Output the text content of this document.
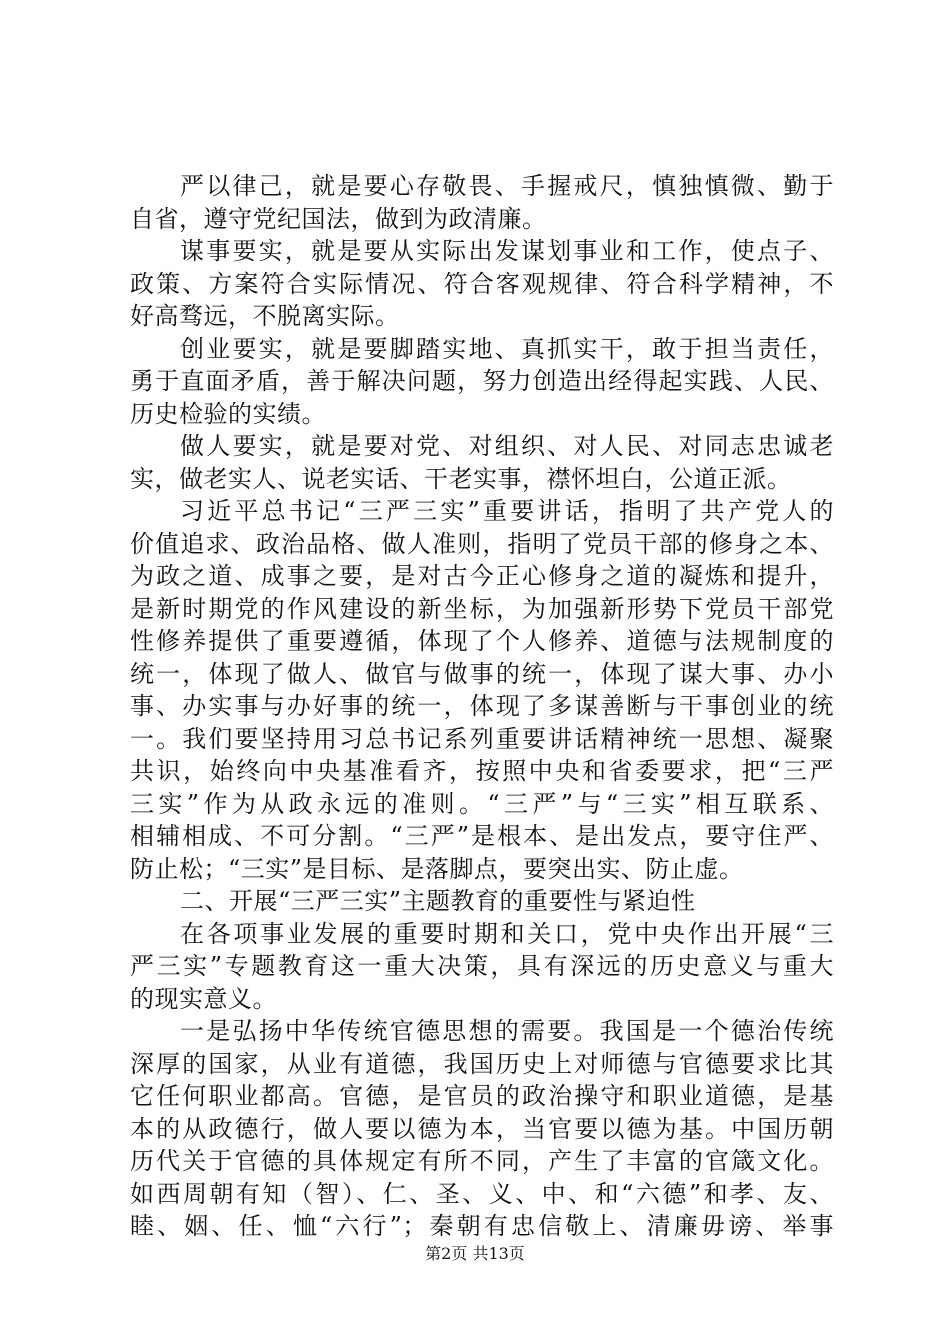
严以律己，就是要心存敬畏、手握戒尺，慎独慎微、勤于
自省，遵守党纪国法，做到为政清廉。
谋事要实，就是要从实际出发谋划事业和工作，使点子、
政策、方案符合实际情况、符合客观规律、符合科学精神，不
好高骛远，不脱离实际。
创业要实，就是要脚踏实地、真抓实干，敢于担当责任，
勇于直面矛盾，善于解决问题，努力创造出经得起实践、人民、
历史检验的实绩。
做人要实，就是要对党、对组织、对人民、对同志忠诚老
实，做老实人、说老实话、干老实事，襟怀坦白，公道正派。
习近平总书记“三严三实”重要讲话，指明了共产党人的
价值追求、政治品格、做人准则，指明了党员干部的修身之本、
为政之道、成事之要，是对古今正心修身之道的凝炼和提升，
是新时期党的作风建设的新坐标，为加强新形势下党员干部党
性修养提供了重要遵循，体现了个人修养、道德与法规制度的
统一，体现了做人、做官与做事的统一，体现了谋大事、办小
事、办实事与办好事的统一，体现了多谋善断与干事创业的统
一。我们要坚持用习总书记系列重要讲话精神统一思想、凝聚
共识，始终向中央基准看齐，按照中央和省委要求，把“三严
三实”作为从政永远的准则。“三严”与“三实”相互联系、
相辅相成、不可分割。“三严”是根本、是出发点，要守住严、
防止松；“三实”是目标、是落脚点，要突出实、防止虚。
二、开展“三严三实”主题教育的重要性与紧迫性
在各项事业发展的重要时期和关口，党中央作出开展“三
严三实”专题教育这一重大决策，具有深远的历史意义与重大
的现实意义。
一是弘扬中华传统官德思想的需要。我国是一个德治传统
深厚的国家，从业有道德，我国历史上对师德与官德要求比其
它任何职业都高。官德，是官员的政治操守和职业道德，是基
本的从政德行，做人要以德为本，当官要以德为基。中国历朝
历代关于官德的具体规定有所不同，产生了丰富的官箴文化。
如西周朝有知（智）、仁、圣、义、中、和“六德”和孝、友、
睦、姻、任、恤“六行”；秦朝有忠信敬上、清廉毋谤、举事
第2页 共13页
